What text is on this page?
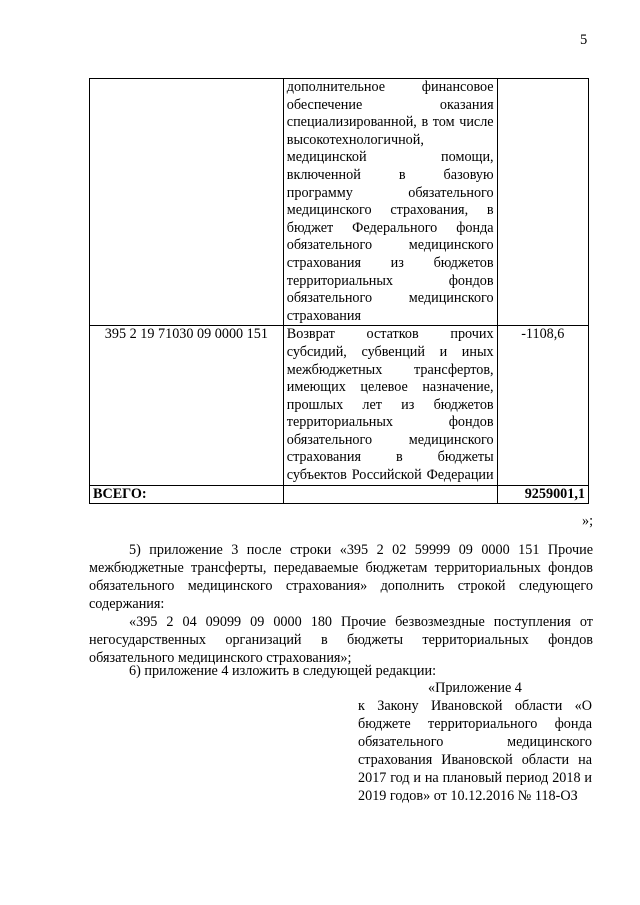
5
	дополнительное финансовое обеспечение оказания специализированной, в том числе высокотехнологичной, медицинской помощи, включенной в базовую программу обязательного медицинского страхования, в бюджет Федерального фонда обязательного медицинского страхования из бюджетов территориальных фондов обязательного медицинского страхования	
395 2 19 71030 09 0000 151	Возврат остатков прочих субсидий, субвенций и иных межбюджетных трансфертов, имеющих целевое назначение, прошлых лет из бюджетов территориальных фондов обязательного медицинского страхования в бюджеты субъектов Российской Федерации	-1108,6
ВСЕГО:		9259001,1
»;
5) приложение 3 после строки «395 2 02 59999 09 0000 151 Прочие межбюджетные трансферты, передаваемые бюджетам территориальных фондов обязательного медицинского страхования» дополнить строкой следующего содержания:
«395 2 04 09099 09 0000 180 Прочие безвозмездные поступления от негосударственных организаций в бюджеты территориальных фондов обязательного медицинского страхования»;
6) приложение 4 изложить в следующей редакции:
«Приложение 4
к Закону Ивановской области «О бюджете территориального фонда обязательного медицинского страхования Ивановской области на 2017 год и на плановый период 2018 и 2019 годов» от 10.12.2016 № 118-ОЗ
